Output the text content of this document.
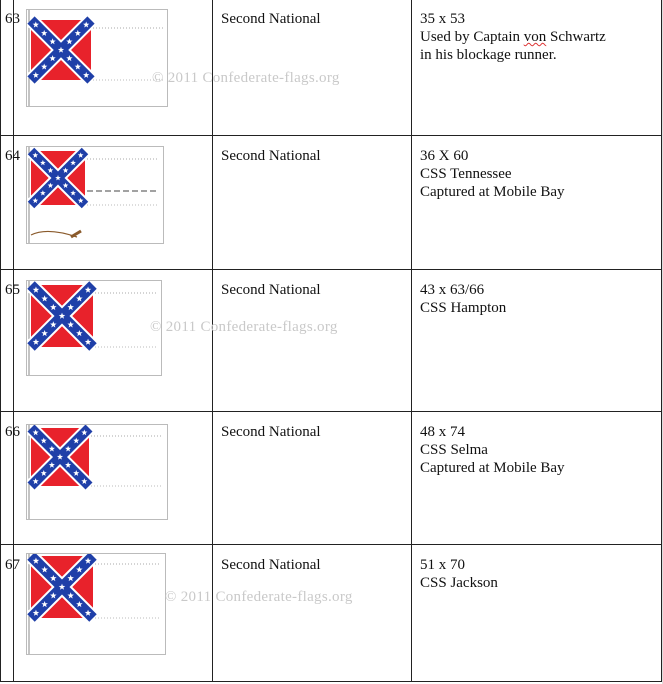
63		Second National	35 x 53
Used by Captain von Schwartz
in his blockage runner.

64		Second National	36 X 60
CSS Tennessee
Captured at Mobile Bay

65		Second National	43 x 63/66
CSS Hampton

66		Second National	48 x 74
CSS Selma
Captured at Mobile Bay

67		Second National	51 x 70
CSS Jackson
© 2011 Confederate-flags.org
© 2011 Confederate-flags.org
© 2011 Confederate-flags.org
